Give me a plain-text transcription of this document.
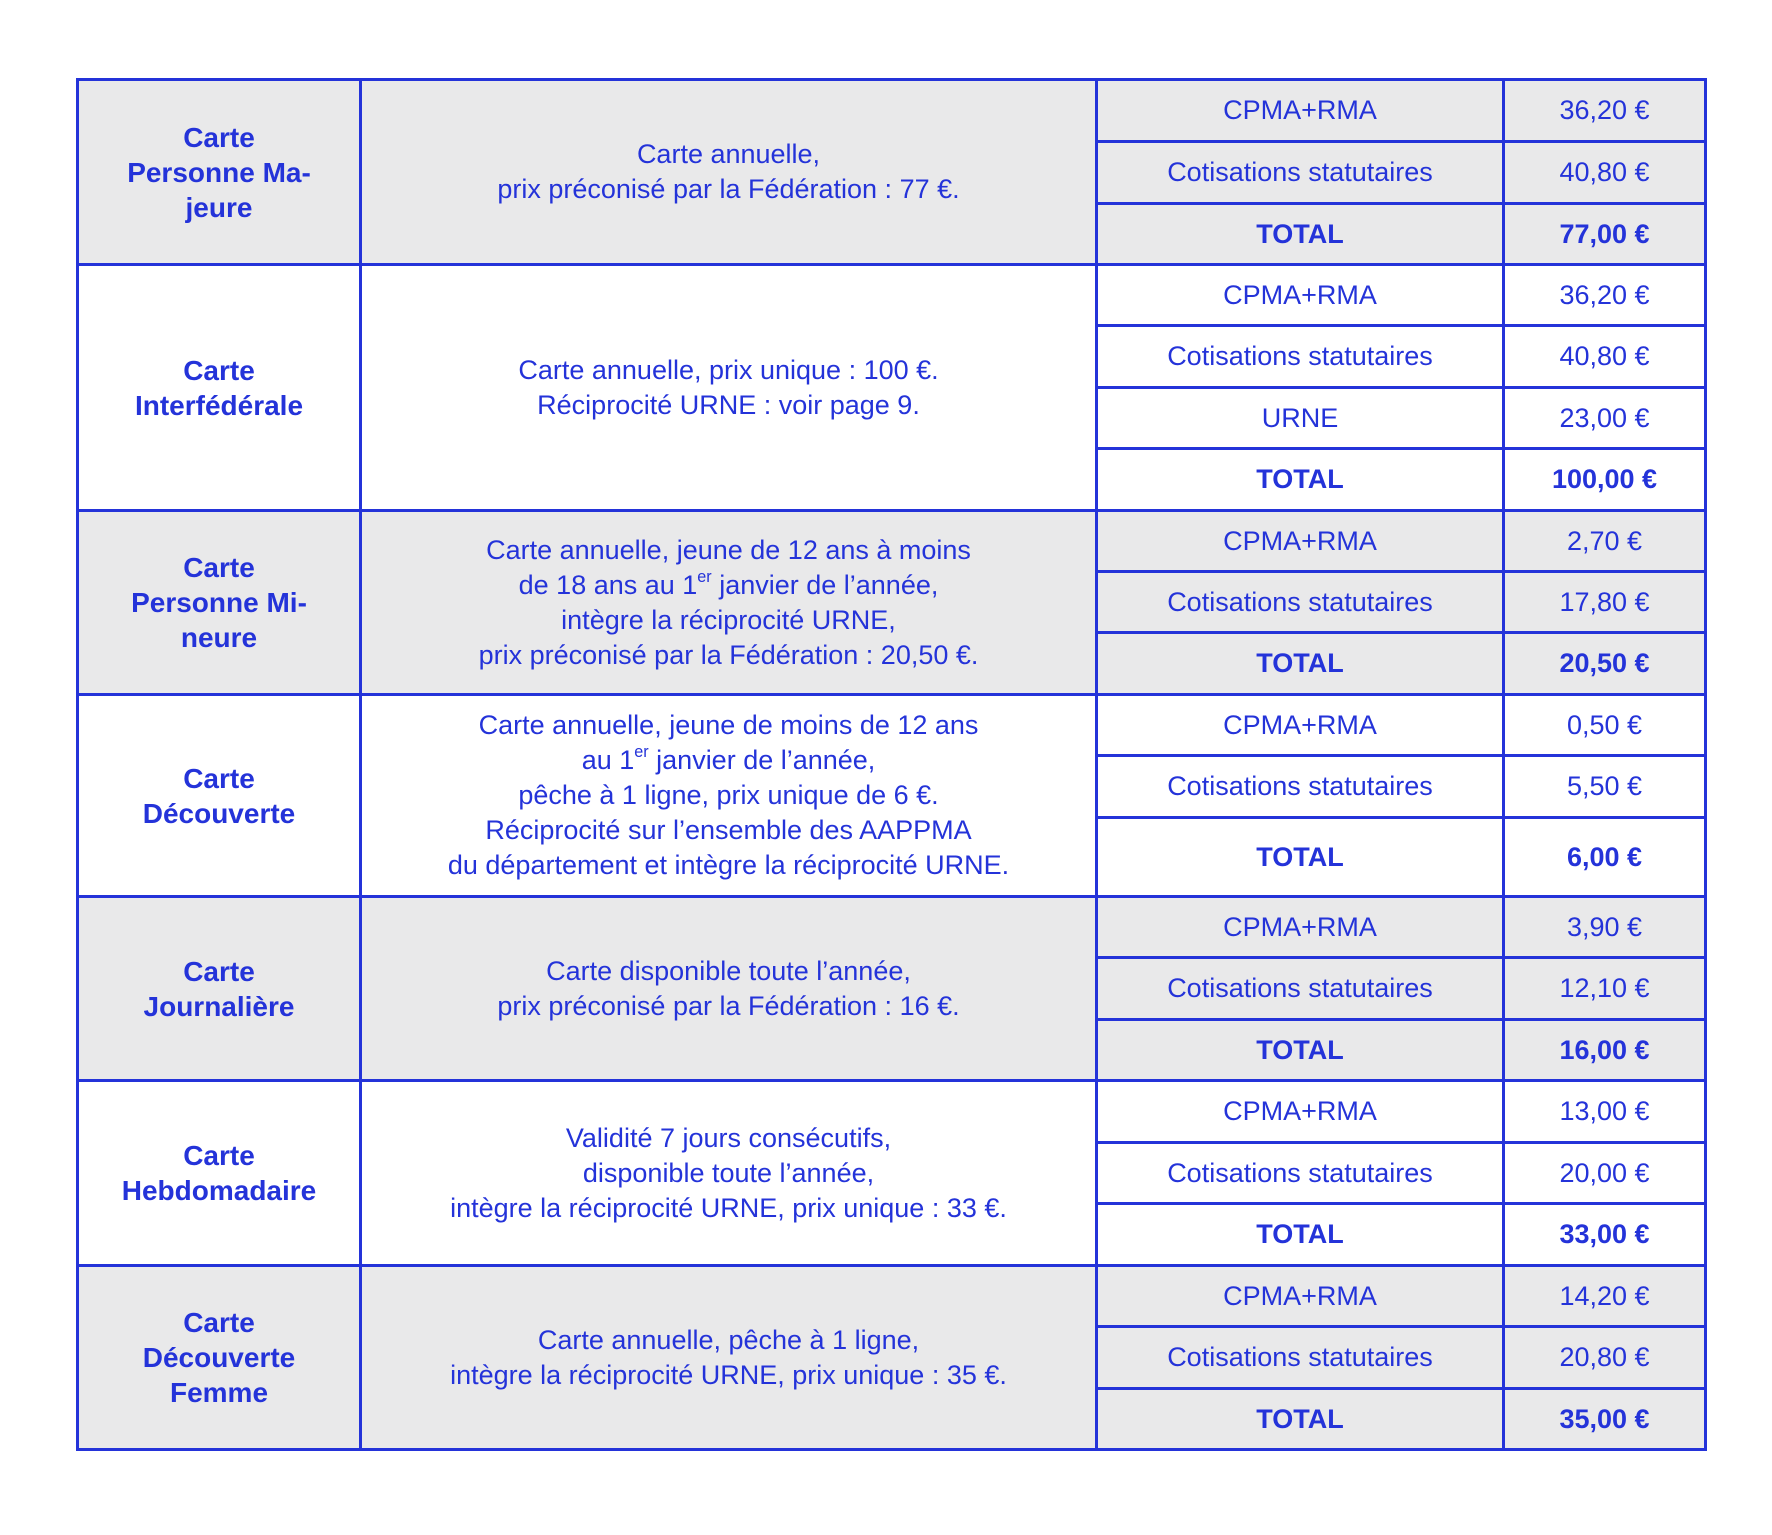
Carte
Personne Ma-
jeure	Carte annuelle,
prix préconisé par la Fédération : 77 €.	CPMA+RMA	36,20 €
		Cotisations statutaires	40,80 €
		TOTAL	77,00 €

Carte
Interfédérale	Carte annuelle, prix unique : 100 €.
Réciprocité URNE : voir page 9.	CPMA+RMA	36,20 €
		Cotisations statutaires	40,80 €
		URNE	23,00 €
		TOTAL	100,00 €

Carte
Personne Mi-
neure	Carte annuelle, jeune de 12 ans à moins
de 18 ans au 1er janvier de l’année,
intègre la réciprocité URNE,
prix préconisé par la Fédération : 20,50 €.	CPMA+RMA	2,70 €
		Cotisations statutaires	17,80 €
		TOTAL	20,50 €

Carte
Découverte	Carte annuelle, jeune de moins de 12 ans
au 1er janvier de l’année,
pêche à 1 ligne, prix unique de 6 €.
Réciprocité sur l’ensemble des AAPPMA
du département et intègre la réciprocité URNE.	CPMA+RMA	0,50 €
		Cotisations statutaires	5,50 €
		TOTAL	6,00 €

Carte
Journalière	Carte disponible toute l’année,
prix préconisé par la Fédération : 16 €.	CPMA+RMA	3,90 €
		Cotisations statutaires	12,10 €
		TOTAL	16,00 €

Carte
Hebdomadaire	Validité 7 jours consécutifs,
disponible toute l’année,
intègre la réciprocité URNE, prix unique : 33 €.	CPMA+RMA	13,00 €
		Cotisations statutaires	20,00 €
		TOTAL	33,00 €

Carte
Découverte
Femme	Carte annuelle, pêche à 1 ligne,
intègre la réciprocité URNE, prix unique : 35 €.	CPMA+RMA	14,20 €
		Cotisations statutaires	20,80 €
		TOTAL	35,00 €
